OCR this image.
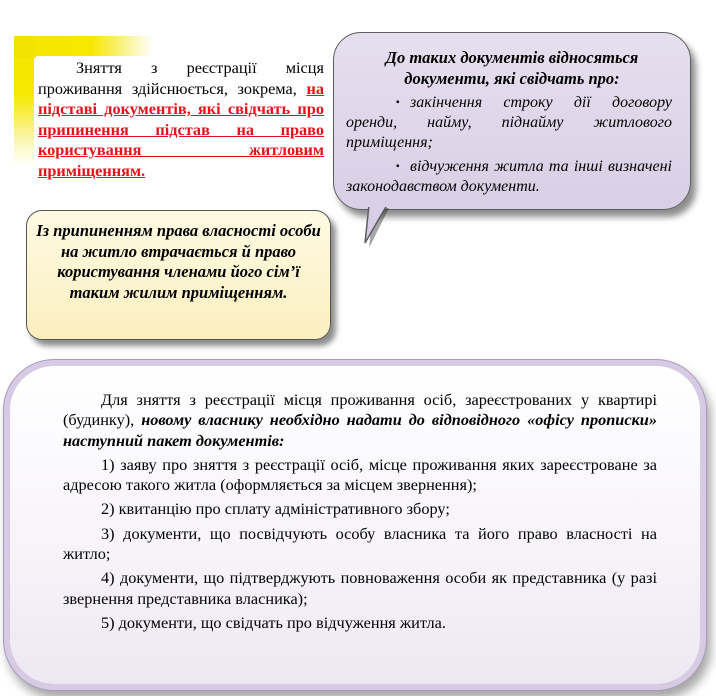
Зняття з реєстрації місця проживання здійснюється, зокрема, на підставі документів, які свідчать про припинення підстав на право користування житловим приміщенням.
До таких документів відносяться документи, які свідчать про:
▪ закінчення строку дії договору оренди, найму, піднайму житлового приміщення;
▪ відчуження житла та інші визначені законодавством документи.
Із припиненням права власності особи на житло втрачається й право користування членами його сім’ї таким жилим приміщенням.

Для зняття з реєстрації місця проживання осіб, зареєстрованих у квартирі (будинку), новому власнику необхідно надати до відповідного «офісу прописки» наступний пакет документів:

1) заяву про зняття з реєстрації осіб, місце проживання яких зареєстроване за адресою такого житла (оформляється за місцем звернення);

2) квитанцію про сплату адміністративного збору;

3) документи, що посвідчують особу власника та його право власності на житло;

4) документи, що підтверджують повноваження особи як представника (у разі звернення представника власника);

5) документи, що свідчать про відчуження житла.
